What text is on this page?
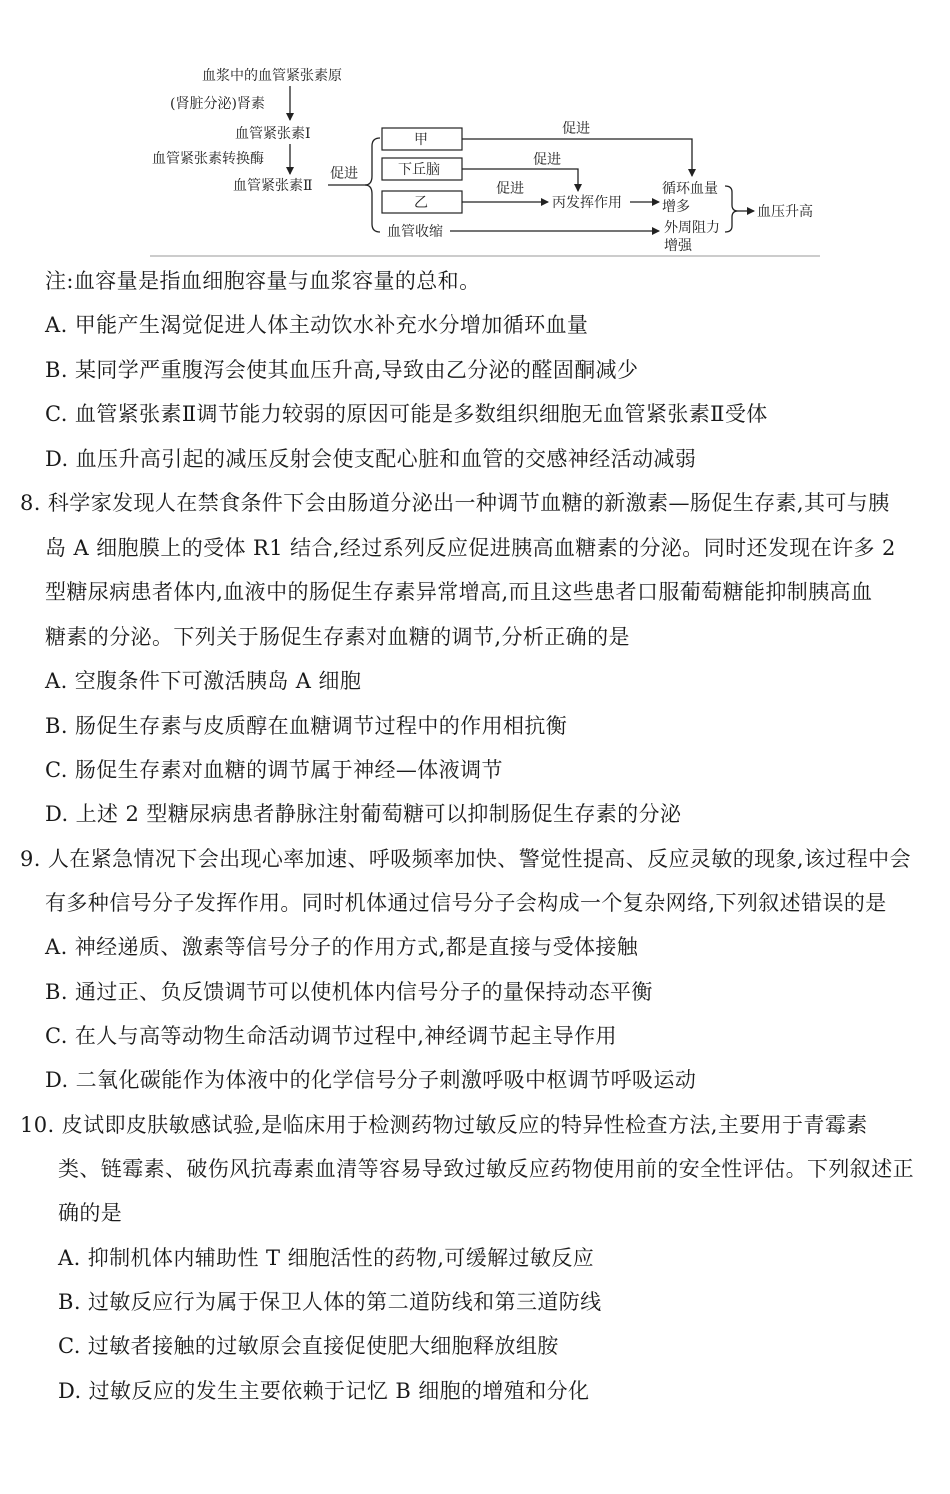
血浆中的血管紧张素原
(肾脏分泌)肾素
血管紧张素Ⅰ
血管紧张素转换酶
血管紧张素Ⅱ
促进
甲
下丘脑
乙
血管收缩
促进
促进
促进
丙发挥作用
循环血量
增多
外周阻力
增强
血压升高
注:血容量是指血细胞容量与血浆容量的总和。
A. 甲能产生渴觉促进人体主动饮水补充水分增加循环血量
B. 某同学严重腹泻会使其血压升高,导致由乙分泌的醛固酮减少
C. 血管紧张素Ⅱ调节能力较弱的原因可能是多数组织细胞无血管紧张素Ⅱ受体
D. 血压升高引起的减压反射会使支配心脏和血管的交感神经活动减弱
8. 科学家发现人在禁食条件下会由肠道分泌出一种调节血糖的新激素—肠促生存素,其可与胰
岛 A 细胞膜上的受体 R1 结合,经过系列反应促进胰高血糖素的分泌。同时还发现在许多 2
型糖尿病患者体内,血液中的肠促生存素异常增高,而且这些患者口服葡萄糖能抑制胰高血
糖素的分泌。下列关于肠促生存素对血糖的调节,分析正确的是
A. 空腹条件下可激活胰岛 A 细胞
B. 肠促生存素与皮质醇在血糖调节过程中的作用相抗衡
C. 肠促生存素对血糖的调节属于神经—体液调节
D. 上述 2 型糖尿病患者静脉注射葡萄糖可以抑制肠促生存素的分泌
9. 人在紧急情况下会出现心率加速、呼吸频率加快、警觉性提高、反应灵敏的现象,该过程中会
有多种信号分子发挥作用。同时机体通过信号分子会构成一个复杂网络,下列叙述错误的是
A. 神经递质、激素等信号分子的作用方式,都是直接与受体接触
B. 通过正、负反馈调节可以使机体内信号分子的量保持动态平衡
C. 在人与高等动物生命活动调节过程中,神经调节起主导作用
D. 二氧化碳能作为体液中的化学信号分子刺激呼吸中枢调节呼吸运动
10. 皮试即皮肤敏感试验,是临床用于检测药物过敏反应的特异性检查方法,主要用于青霉素
类、链霉素、破伤风抗毒素血清等容易导致过敏反应药物使用前的安全性评估。下列叙述正
确的是
A. 抑制机体内辅助性 T 细胞活性的药物,可缓解过敏反应
B. 过敏反应行为属于保卫人体的第二道防线和第三道防线
C. 过敏者接触的过敏原会直接促使肥大细胞释放组胺
D. 过敏反应的发生主要依赖于记忆 B 细胞的增殖和分化
